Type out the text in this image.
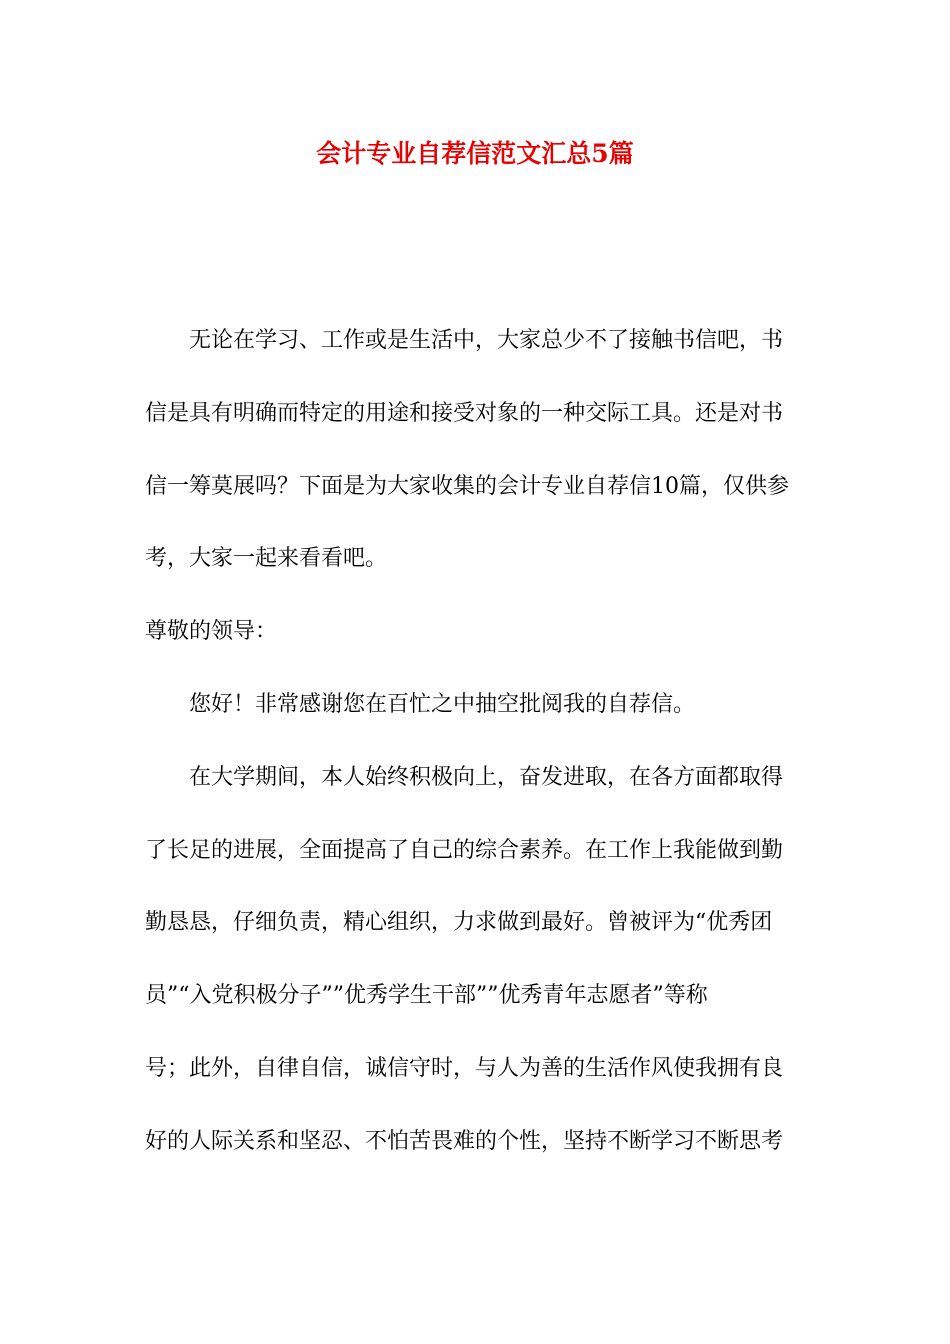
会计专业自荐信范文汇总5篇
无论在学习、工作或是生活中，大家总少不了接触书信吧，书
信是具有明确而特定的用途和接受对象的一种交际工具。还是对书
信一筹莫展吗？下面是为大家收集的会计专业自荐信10篇，仅供参
考，大家一起来看看吧。
尊敬的领导：
您好！非常感谢您在百忙之中抽空批阅我的自荐信。
在大学期间，本人始终积极向上，奋发进取，在各方面都取得
了长足的进展，全面提高了自己的综合素养。在工作上我能做到勤
勤恳恳，仔细负责，精心组织，力求做到最好。曾被评为“优秀团
员”“入党积极分子””优秀学生干部””优秀青年志愿者”等称
号；此外，自律自信，诚信守时，与人为善的生活作风使我拥有良
好的人际关系和坚忍、不怕苦畏难的个性，坚持不断学习不断思考
